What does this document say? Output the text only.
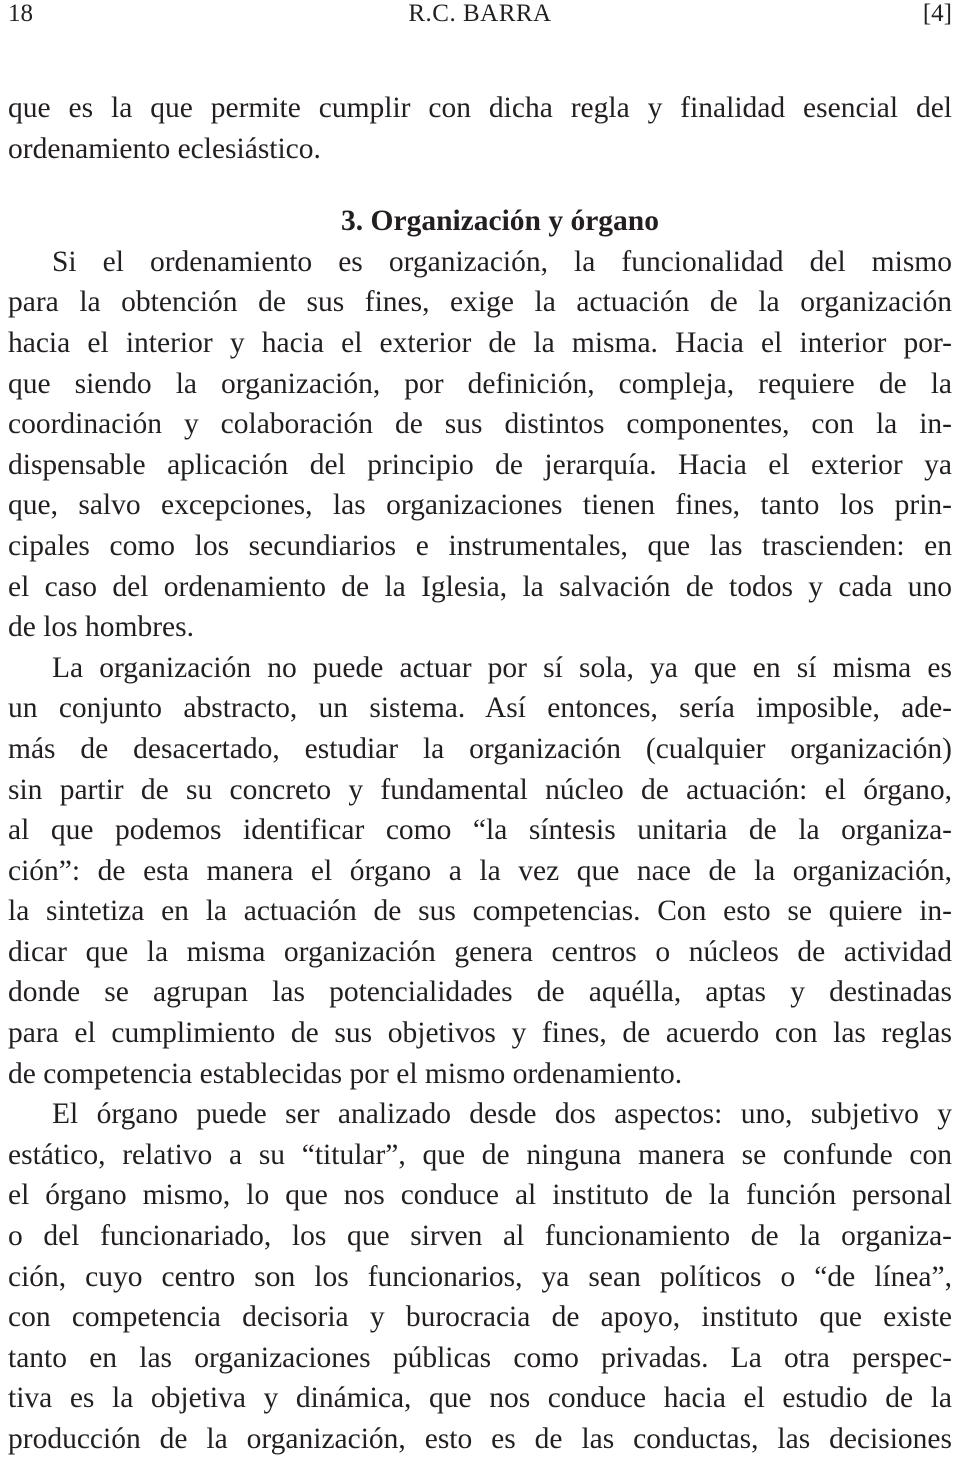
18	R.C. BARRA	[4]
que es la que permite cumplir con dicha regla y finalidad esencial del
ordenamiento eclesiástico.
3. Organización y órgano
Si el ordenamiento es organización, la funcionalidad del mismo
para la obtención de sus fines, exige la actuación de la organización
hacia el interior y hacia el exterior de la misma. Hacia el interior por-
que siendo la organización, por definición, compleja, requiere de la
coordinación y colaboración de sus distintos componentes, con la in-
dispensable aplicación del principio de jerarquía. Hacia el exterior ya
que, salvo excepciones, las organizaciones tienen fines, tanto los prin-
cipales como los secundiarios e instrumentales, que las trascienden: en
el caso del ordenamiento de la Iglesia, la salvación de todos y cada uno
de los hombres.
La organización no puede actuar por sí sola, ya que en sí misma es
un conjunto abstracto, un sistema. Así entonces, sería imposible, ade-
más de desacertado, estudiar la organización (cualquier organización)
sin partir de su concreto y fundamental núcleo de actuación: el órgano,
al que podemos identificar como “la síntesis unitaria de la organiza-
ción”: de esta manera el órgano a la vez que nace de la organización,
la sintetiza en la actuación de sus competencias. Con esto se quiere in-
dicar que la misma organización genera centros o núcleos de actividad
donde se agrupan las potencialidades de aquélla, aptas y destinadas
para el cumplimiento de sus objetivos y fines, de acuerdo con las reglas
de competencia establecidas por el mismo ordenamiento.
El órgano puede ser analizado desde dos aspectos: uno, subjetivo y
estático, relativo a su “titular”, que de ninguna manera se confunde con
el órgano mismo, lo que nos conduce al instituto de la función personal
o del funcionariado, los que sirven al funcionamiento de la organiza-
ción, cuyo centro son los funcionarios, ya sean políticos o “de línea”,
con competencia decisoria y burocracia de apoyo, instituto que existe
tanto en las organizaciones públicas como privadas. La otra perspec-
tiva es la objetiva y dinámica, que nos conduce hacia el estudio de la
producción de la organización, esto es de las conductas, las decisiones
